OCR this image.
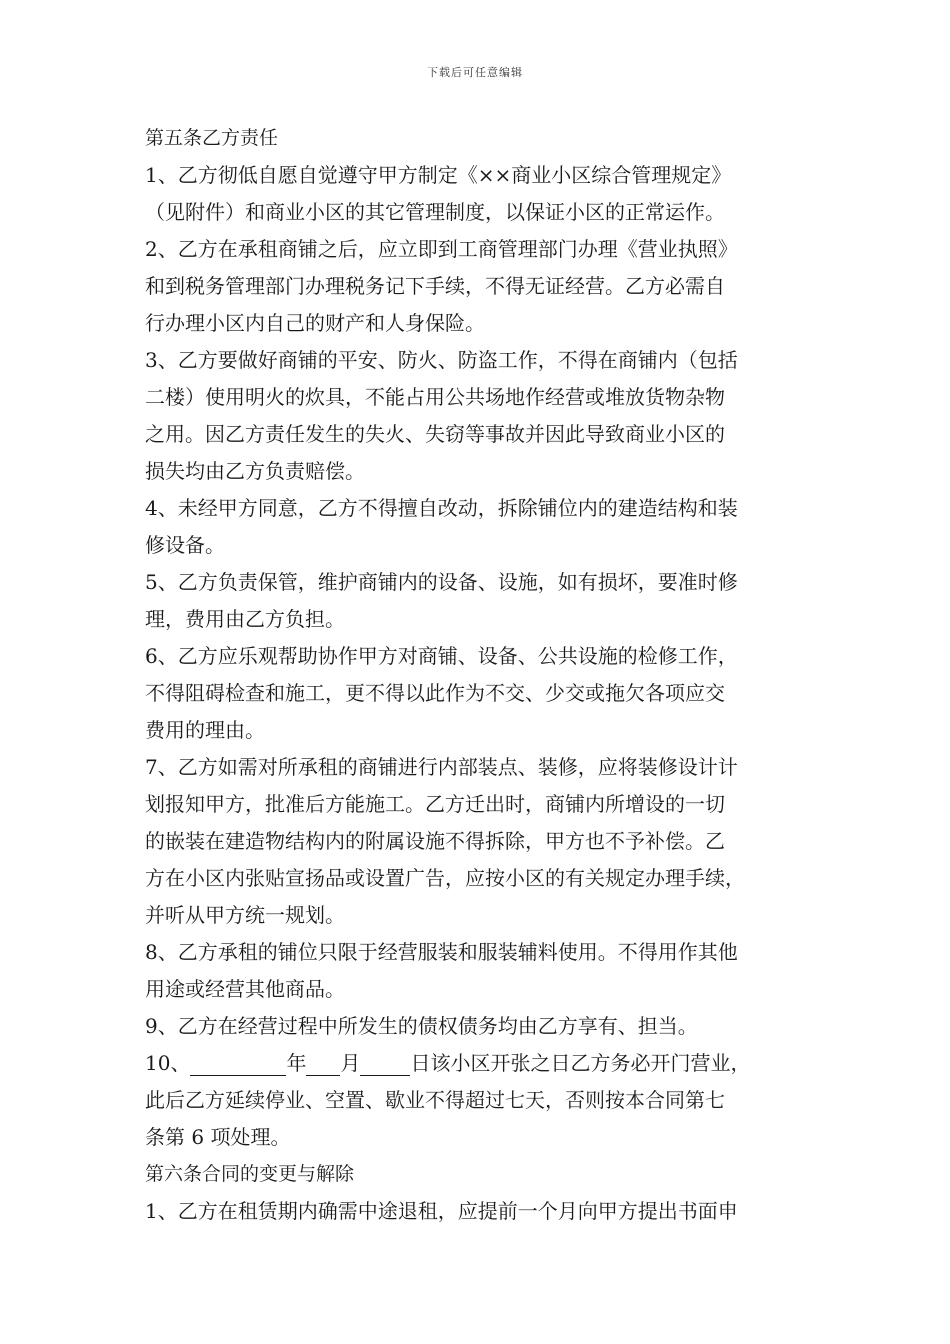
下载后可任意编辑

第五条乙方责任

1、乙方彻低自愿自觉遵守甲方制定《××商业小区综合管理规定》

（见附件）和商业小区的其它管理制度，以保证小区的正常运作。

2、乙方在承租商铺之后，应立即到工商管理部门办理《营业执照》

和到税务管理部门办理税务记下手续，不得无证经营。乙方必需自

行办理小区内自己的财产和人身保险。

3、乙方要做好商铺的平安、防火、防盗工作，不得在商铺内（包括

二楼）使用明火的炊具，不能占用公共场地作经营或堆放货物杂物

之用。因乙方责任发生的失火、失窃等事故并因此导致商业小区的

损失均由乙方负责赔偿。

4、未经甲方同意，乙方不得擅自改动，拆除铺位内的建造结构和装

修设备。

5、乙方负责保管，维护商铺内的设备、设施，如有损坏，要准时修

理，费用由乙方负担。

6、乙方应乐观帮助协作甲方对商铺、设备、公共设施的检修工作，

不得阻碍检查和施工，更不得以此作为不交、少交或拖欠各项应交

费用的理由。

7、乙方如需对所承租的商铺进行内部装点、装修，应将装修设计计

划报知甲方，批准后方能施工。乙方迁出时，商铺内所增设的一切

的嵌装在建造物结构内的附属设施不得拆除，甲方也不予补偿。乙

方在小区内张贴宣扬品或设置广告，应按小区的有关规定办理手续，

并听从甲方统一规划。

8、乙方承租的铺位只限于经营服装和服装辅料使用。不得用作其他

用途或经营其他商品。

9、乙方在经营过程中所发生的债权债务均由乙方享有、担当。

10、	年 月	日该小区开张之日乙方务必开门营业，

此后乙方延续停业、空置、歇业不得超过七天，否则按本合同第七

条第 6 项处理。

第六条合同的变更与解除

1、乙方在租赁期内确需中途退租，应提前一个月向甲方提出书面申
